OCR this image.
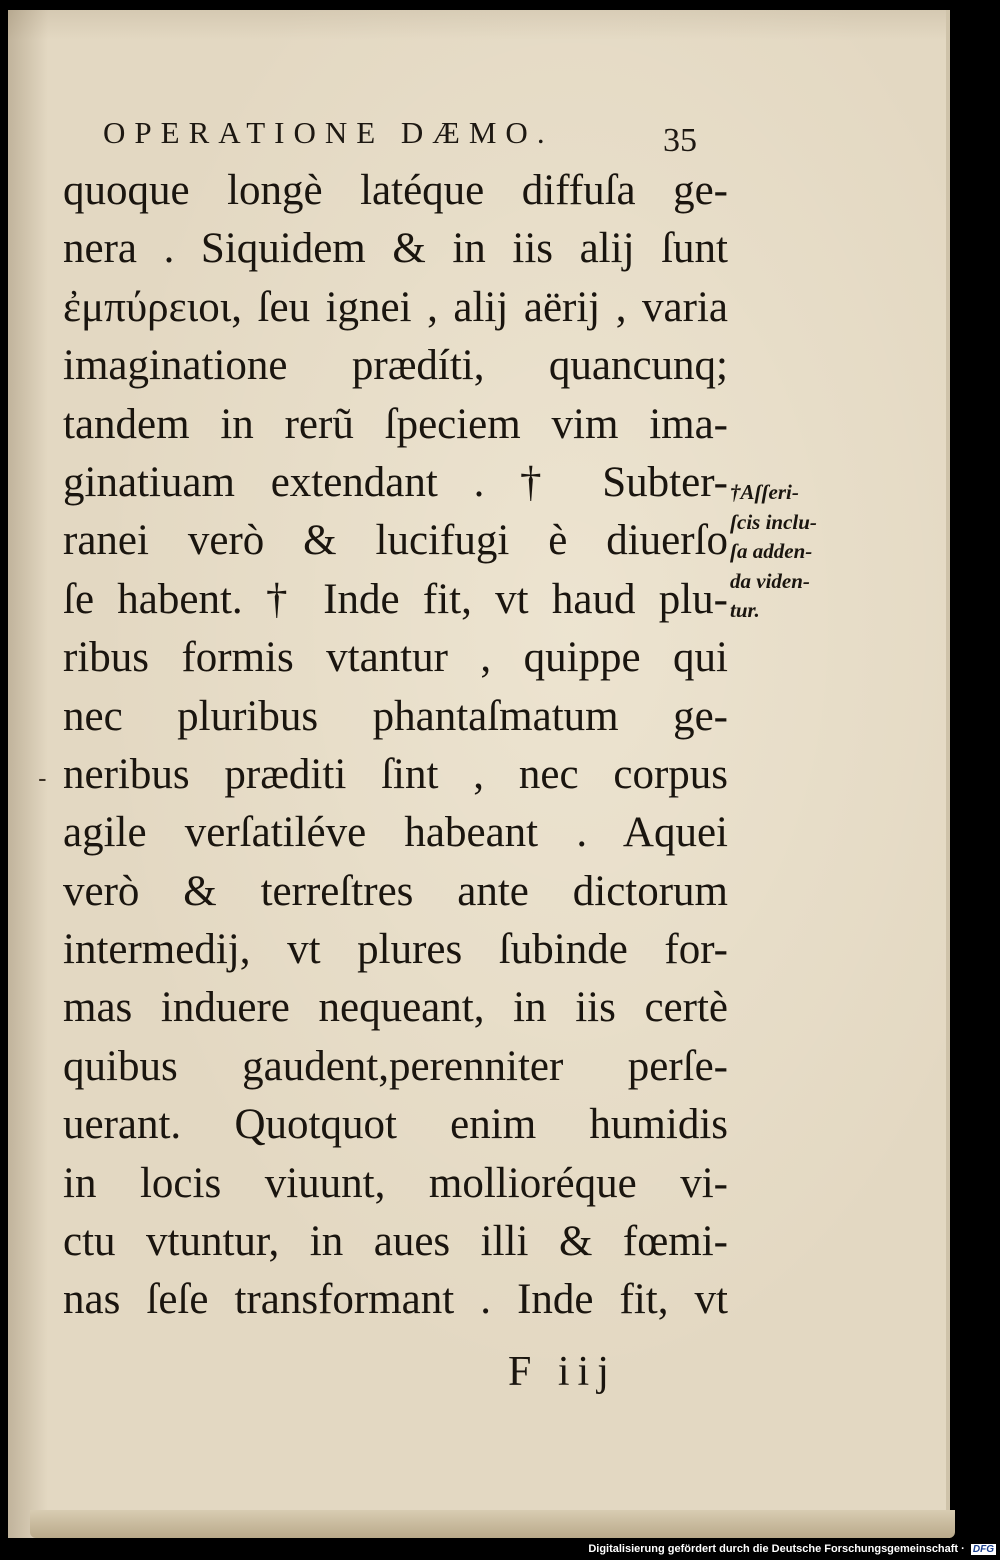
OPERATIONE DÆMO.	35
quoque longè latéque diffuſa ge-
nera . Siquidem & in iis alij ſunt
ἐμπύρειοι, ſeu ignei , alij aërij , varia
imaginatione prædíti, quancunq;
tandem in rerũ ſpeciem vim ima-
ginatiuam extendant . † Subter-
ranei verò & lucifugi è diuerſo
ſe habent. † Inde fit, vt haud plu-
ribus formis vtantur , quippe qui
nec pluribus phantaſmatum ge-
neribus præditi ſint , nec corpus
agile verſatiléve habeant . Aquei
verò & terreſtres ante dictorum
intermedij, vt plures ſubinde for-
mas induere nequeant, in iis certè
quibus gaudent,perenniter perſe-
uerant. Quotquot enim humidis
in locis viuunt, mollioréque vi-
ctu vtuntur, in aues illi & fœmi-
nas ſeſe transformant . Inde fit, vt
†Aſſeri-
ſcis inclu-
ſa adden-
da viden-
tur.
-
F iij
Digitalisierung gefördert durch die Deutsche Forschungsgemeinschaft · DFG
